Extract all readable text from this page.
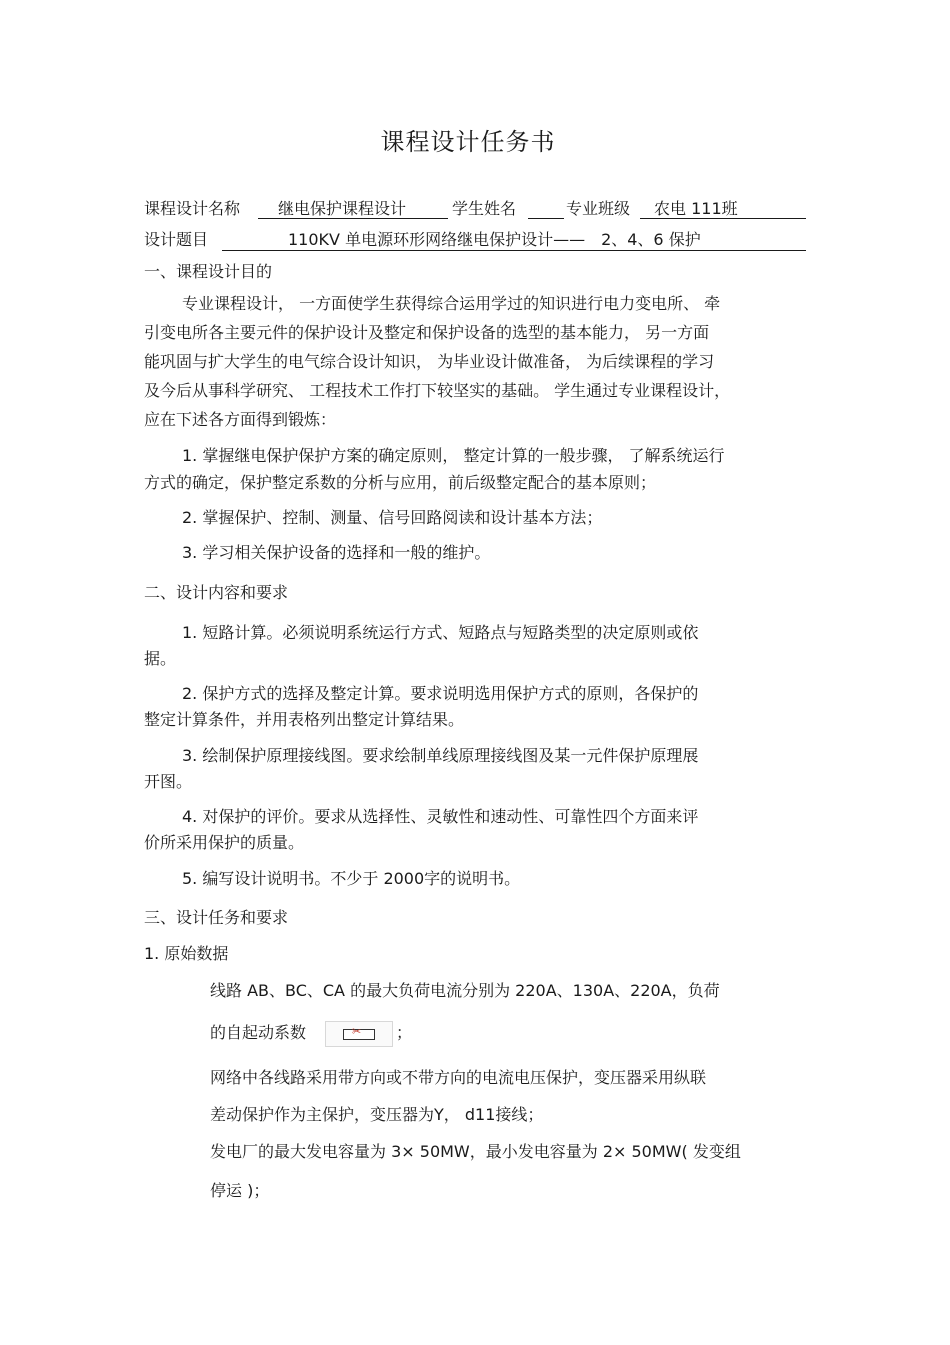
课程设计任务书
课程设计名称 继电保护课程设计	学生姓名	专业班级 农电 111班
设计题目	110KV 单电源环形网络继电保护设计——　2、4、6 保护
一、课程设计目的
专业课程设计， 一方面使学生获得综合运用学过的知识进行电力变电所、 牵
引变电所各主要元件的保护设计及整定和保护设备的选型的基本能力， 另一方面
能巩固与扩大学生的电气综合设计知识， 为毕业设计做准备， 为后续课程的学习
及今后从事科学研究、 工程技术工作打下较坚实的基础。 学生通过专业课程设计，
应在下述各方面得到锻炼：
1. 掌握继电保护保护方案的确定原则， 整定计算的一般步骤， 了解系统运行
方式的确定，保护整定系数的分析与应用，前后级整定配合的基本原则；
2. 掌握保护、控制、测量、信号回路阅读和设计基本方法；
3. 学习相关保护设备的选择和一般的维护。
二、设计内容和要求
1. 短路计算。必须说明系统运行方式、短路点与短路类型的决定原则或依
据。
2. 保护方式的选择及整定计算。要求说明选用保护方式的原则，各保护的
整定计算条件，并用表格列出整定计算结果。
3. 绘制保护原理接线图。要求绘制单线原理接线图及某一元件保护原理展
开图。
4. 对保护的评价。要求从选择性、灵敏性和速动性、可靠性四个方面来评
价所采用保护的质量。
5. 编写设计说明书。不少于 2000字的说明书。
三、设计任务和要求
1. 原始数据
线路 AB、BC、CA 的最大负荷电流分别为 220A、130A、220A，负荷
的自起动系数	✂ ；
网络中各线路采用带方向或不带方向的电流电压保护，变压器采用纵联
差动保护作为主保护，变压器为Y， d11接线；
发电厂的最大发电容量为 3× 50MW，最小发电容量为 2× 50MW( 发变组
停运 )；
